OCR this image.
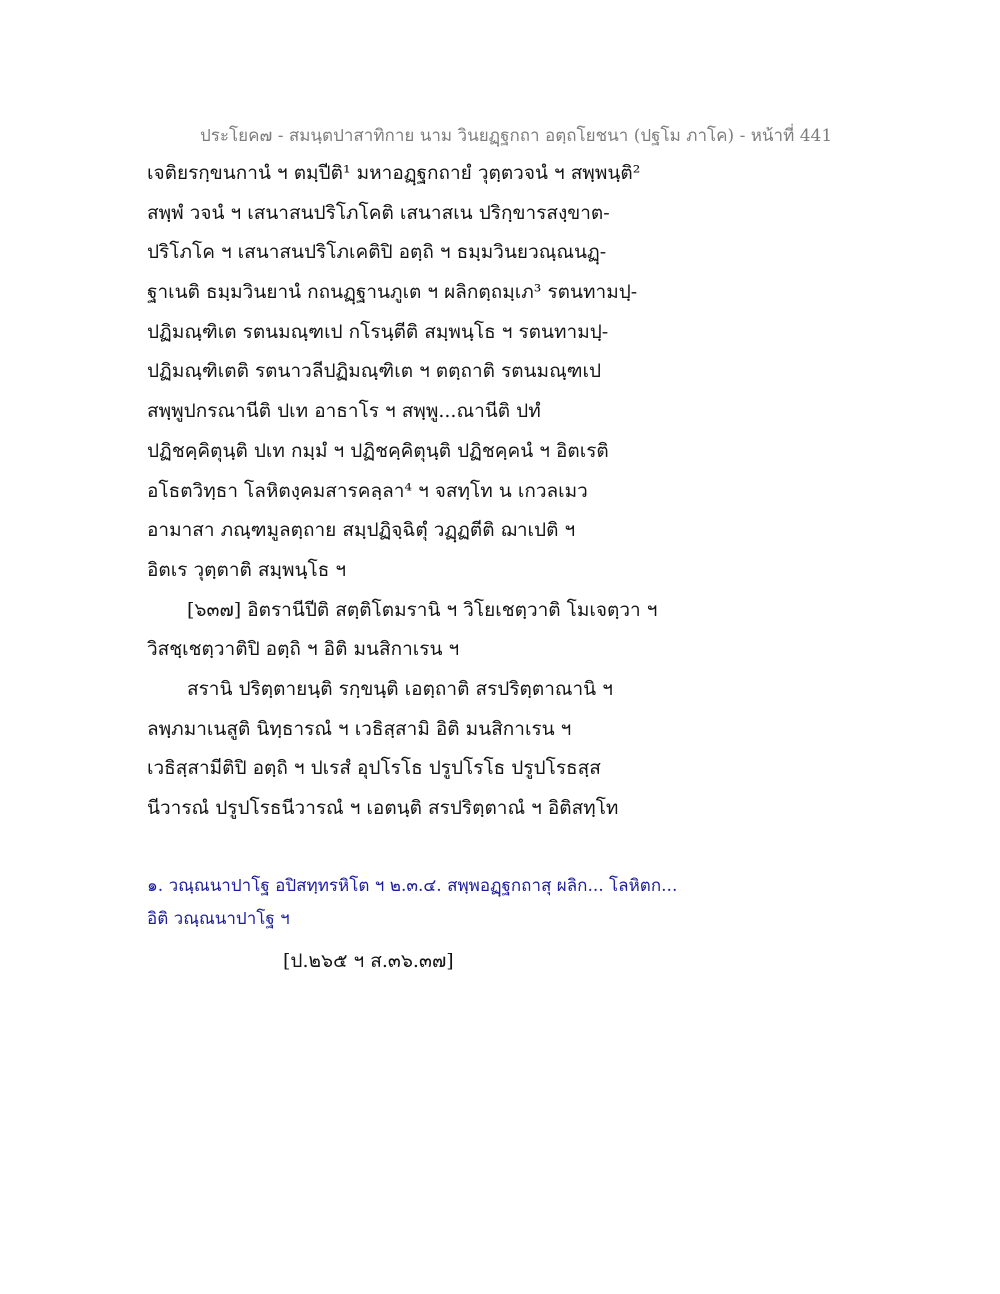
ประโยค๗ - สมนฺตปาสาทิกาย นาม วินยฏฺฐกถา อตฺถโยชนา (ปฐโม ภาโค) - หน้าที่ 441
เจติยรกฺขนกานํ ฯ ตมฺปีติ¹ มหาอฏฺฐกถายํ วุตฺตวจนํ ฯ สพฺพนฺติ²
สพฺพํ วจนํ ฯ เสนาสนปริโภโคติ เสนาสเน ปริกฺขารสงฺขาต-
ปริโภโค ฯ เสนาสนปริโภเคติปิ อตฺถิ ฯ ธมฺมวินยวณฺณนฏฺ-
ฐาเนติ ธมฺมวินยานํ กถนฏฺฐานภูเต ฯ ผลิกตฺถมฺเภ³ รตนทามปฺ-
ปฏิมณฺฑิเต รตนมณฺฑเป กโรนฺตีติ สมฺพนฺโธ ฯ รตนทามปฺ-
ปฏิมณฺฑิเตติ รตนาวลีปฏิมณฺฑิเต ฯ ตตฺถาติ รตนมณฺฑเป
สพฺพูปกรณานีติ ปเท อาธาโร ฯ สพฺพู...ณานีติ ปทํ
ปฏิชคฺคิตุนฺติ ปเท กมฺมํ ฯ ปฏิชคฺคิตุนฺติ ปฏิชคฺคนํ ฯ อิตเรติ
อโธตวิทฺธา โลหิตงฺคมสารคลฺลา⁴ ฯ จสทฺโท น เกวลเมว
อามาสา ภณฺฑมูลตฺถาย สมฺปฏิจฺฉิตุํ วฏฺฏตีติ ฌาเปติ ฯ
อิตเร วุตฺตาติ สมฺพนฺโธ ฯ
[๖๓๗] อิตรานีปีติ สตฺติโตมรานิ ฯ วิโยเชตฺวาติ โมเจตฺวา ฯ
วิสชฺเชตฺวาติปิ อตฺถิ ฯ อิติ มนสิกาเรน ฯ
สรานิ ปริตฺตายนฺติ รกฺขนฺติ เอตฺถาติ สรปริตฺตาณานิ ฯ
ลพฺภมาเนสูติ นิทฺธารณํ ฯ เวธิสฺสามิ อิติ มนสิกาเรน ฯ
เวธิสฺสามีติปิ อตฺถิ ฯ ปเรสํ อุปโรโธ ปรูปโรโธ ปรูปโรธสฺส
นีวารณํ ปรูปโรธนีวารณํ ฯ เอตนฺติ สรปริตฺตาณํ ฯ อิติสทฺโท
๑. วณฺณนาปาโฐ อปิสทฺทรหิโต ฯ ๒.๓.๔. สพฺพอฏฺฐกถาสุ ผลิก... โลหิตก...
อิติ วณฺณนาปาโฐ ฯ
[ป.๒๖๕ ฯ ส.๓๖.๓๗]
